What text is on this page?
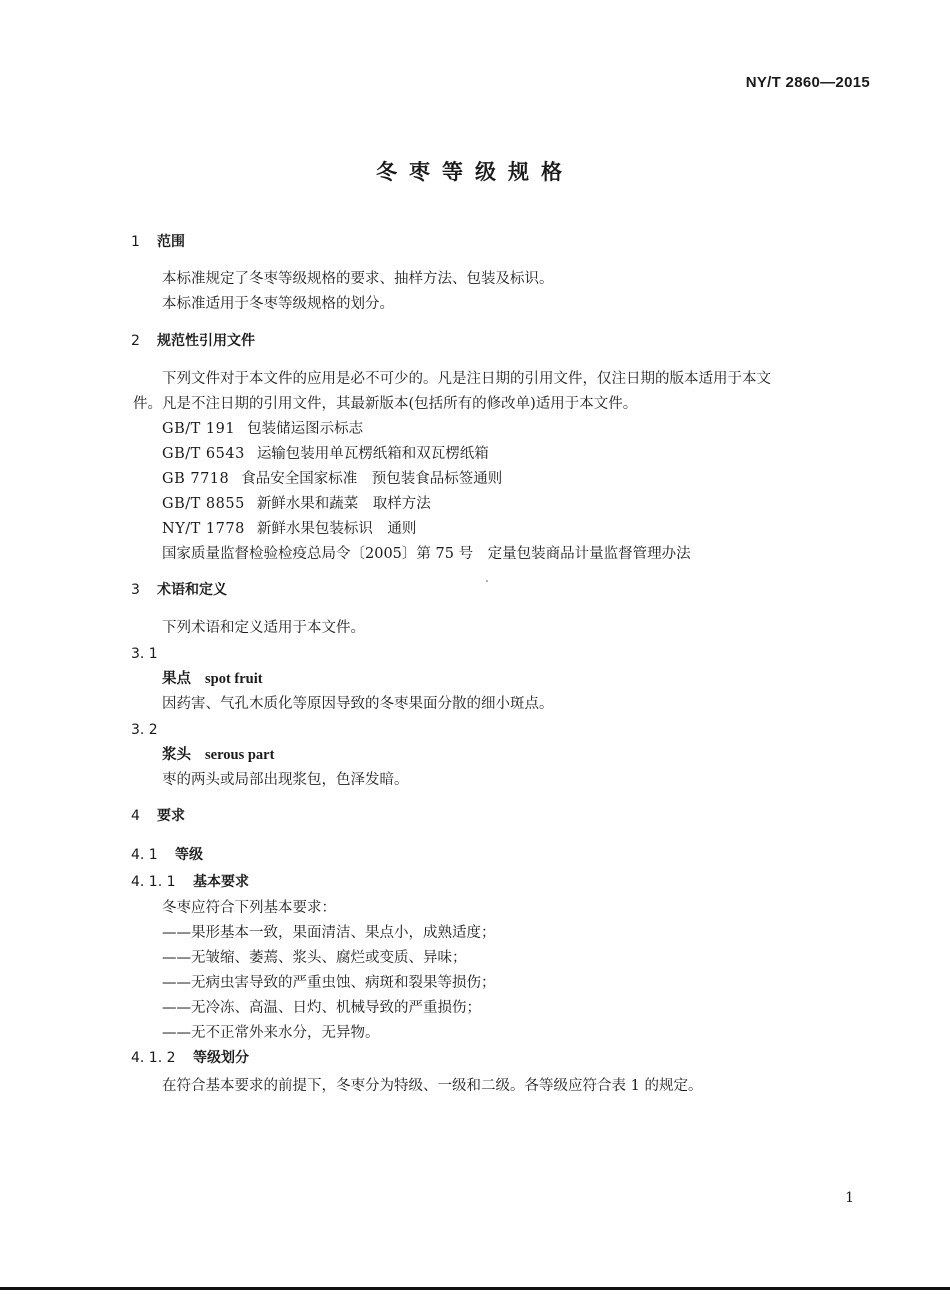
NY/T 2860—2015
冬枣等级规格
1 范围
本标准规定了冬枣等级规格的要求、抽样方法、包装及标识。
本标准适用于冬枣等级规格的划分。
2 规范性引用文件
下列文件对于本文件的应用是必不可少的。凡是注日期的引用文件，仅注日期的版本适用于本文
件。凡是不注日期的引用文件，其最新版本(包括所有的修改单)适用于本文件。
GB/T 191 包装储运图示标志
GB/T 6543 运输包装用单瓦楞纸箱和双瓦楞纸箱
GB 7718 食品安全国家标准　预包装食品标签通则
GB/T 8855 新鲜水果和蔬菜　取样方法
NY/T 1778 新鲜水果包装标识　通则
国家质量监督检验检疫总局令〔2005〕第 75 号　定量包装商品计量监督管理办法
3 术语和定义
下列术语和定义适用于本文件。
3. 1
果点 spot fruit
因药害、气孔木质化等原因导致的冬枣果面分散的细小斑点。
3. 2
浆头 serous part
枣的两头或局部出现浆包，色泽发暗。
4 要求
4. 1 等级
4. 1. 1 基本要求
冬枣应符合下列基本要求：
——果形基本一致，果面清洁、果点小，成熟适度；
——无皱缩、萎蔫、浆头、腐烂或变质、异味；
——无病虫害导致的严重虫蚀、病斑和裂果等损伤；
——无冷冻、高温、日灼、机械导致的严重损伤；
——无不正常外来水分，无异物。
4. 1. 2 等级划分
在符合基本要求的前提下，冬枣分为特级、一级和二级。各等级应符合表 1 的规定。
1
